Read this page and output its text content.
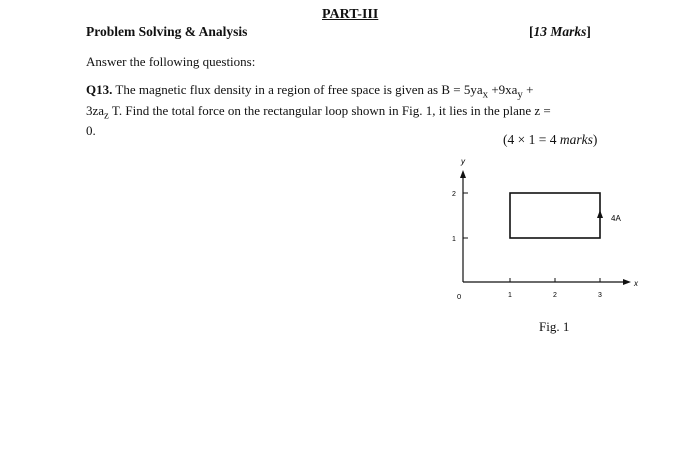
PART-III
Problem Solving & Analysis	[13 Marks]
Answer the following questions:
Q13. The magnetic flux density in a region of free space is given as $B = 5ya_x +9xa_y$ +
$3za_z$ T. Find the total force on the rectangular loop shown in Fig. 1, it lies in the plane z =
0.
(4 × 1 = 4 marks)
y
x
1
2
0	1	2	3
4A
Fig. 1
